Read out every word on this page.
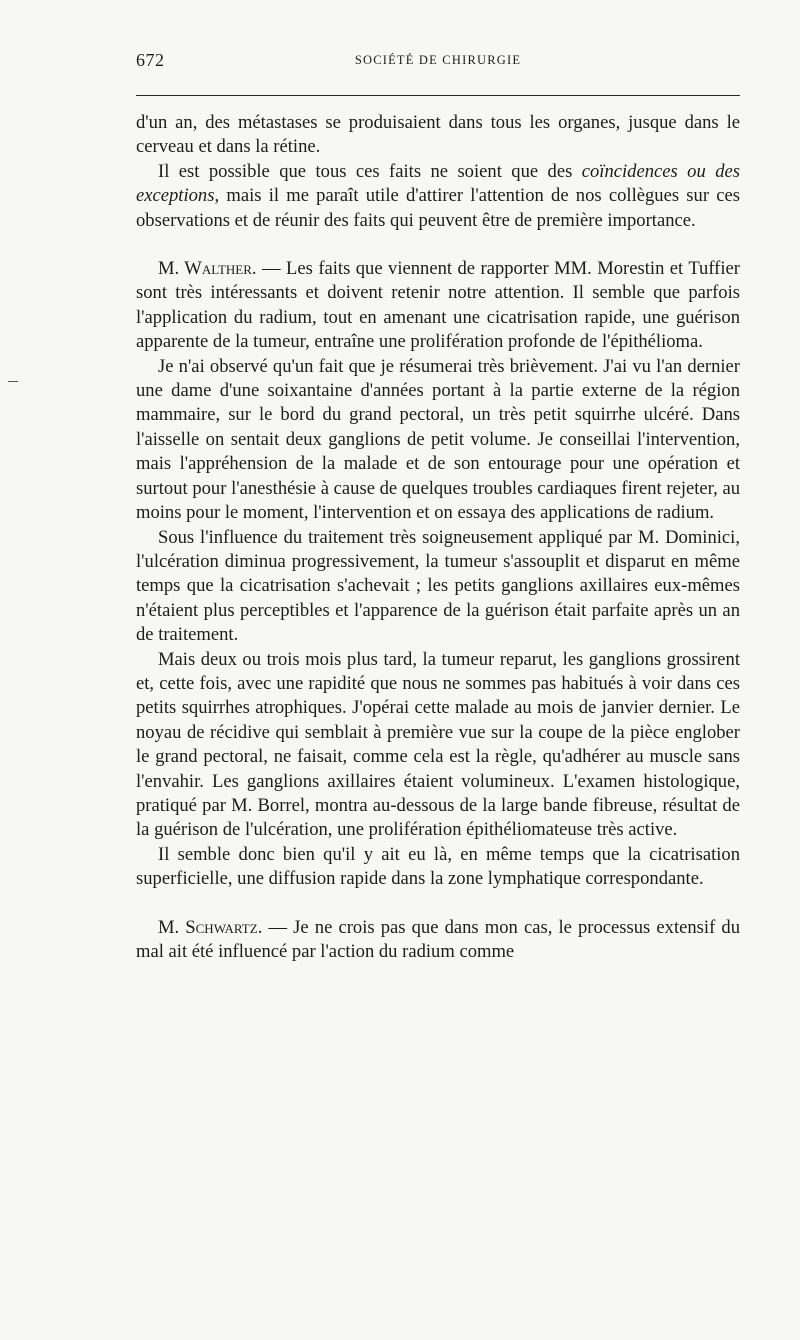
672	SOCIÉTÉ DE CHIRURGIE

d'un an, des métastases se produisaient dans tous les organes, jusque dans le cerveau et dans la rétine.

Il est possible que tous ces faits ne soient que des coïncidences ou des exceptions, mais il me paraît utile d'attirer l'attention de nos collègues sur ces observations et de réunir des faits qui peuvent être de première importance.

M. Walther. — Les faits que viennent de rapporter MM. Morestin et Tuffier sont très intéressants et doivent retenir notre attention. Il semble que parfois l'application du radium, tout en amenant une cicatrisation rapide, une guérison apparente de la tumeur, entraîne une prolifération profonde de l'épithélioma.

Je n'ai observé qu'un fait que je résumerai très brièvement. J'ai vu l'an dernier une dame d'une soixantaine d'années portant à la partie externe de la région mammaire, sur le bord du grand pectoral, un très petit squirrhe ulcéré. Dans l'aisselle on sentait deux ganglions de petit volume. Je conseillai l'intervention, mais l'appréhension de la malade et de son entourage pour une opération et surtout pour l'anesthésie à cause de quelques troubles cardiaques firent rejeter, au moins pour le moment, l'intervention et on essaya des applications de radium.

Sous l'influence du traitement très soigneusement appliqué par M. Dominici, l'ulcération diminua progressivement, la tumeur s'assouplit et disparut en même temps que la cicatrisation s'achevait ; les petits ganglions axillaires eux-mêmes n'étaient plus perceptibles et l'apparence de la guérison était parfaite après un an de traitement.

Mais deux ou trois mois plus tard, la tumeur reparut, les ganglions grossirent et, cette fois, avec une rapidité que nous ne sommes pas habitués à voir dans ces petits squirrhes atrophiques. J'opérai cette malade au mois de janvier dernier. Le noyau de récidive qui semblait à première vue sur la coupe de la pièce englober le grand pectoral, ne faisait, comme cela est la règle, qu'adhérer au muscle sans l'envahir. Les ganglions axillaires étaient volumineux. L'examen histologique, pratiqué par M. Borrel, montra au-dessous de la large bande fibreuse, résultat de la guérison de l'ulcération, une prolifération épithéliomateuse très active.

Il semble donc bien qu'il y ait eu là, en même temps que la cicatrisation superficielle, une diffusion rapide dans la zone lymphatique correspondante.

M. Schwartz. — Je ne crois pas que dans mon cas, le processus extensif du mal ait été influencé par l'action du radium comme
